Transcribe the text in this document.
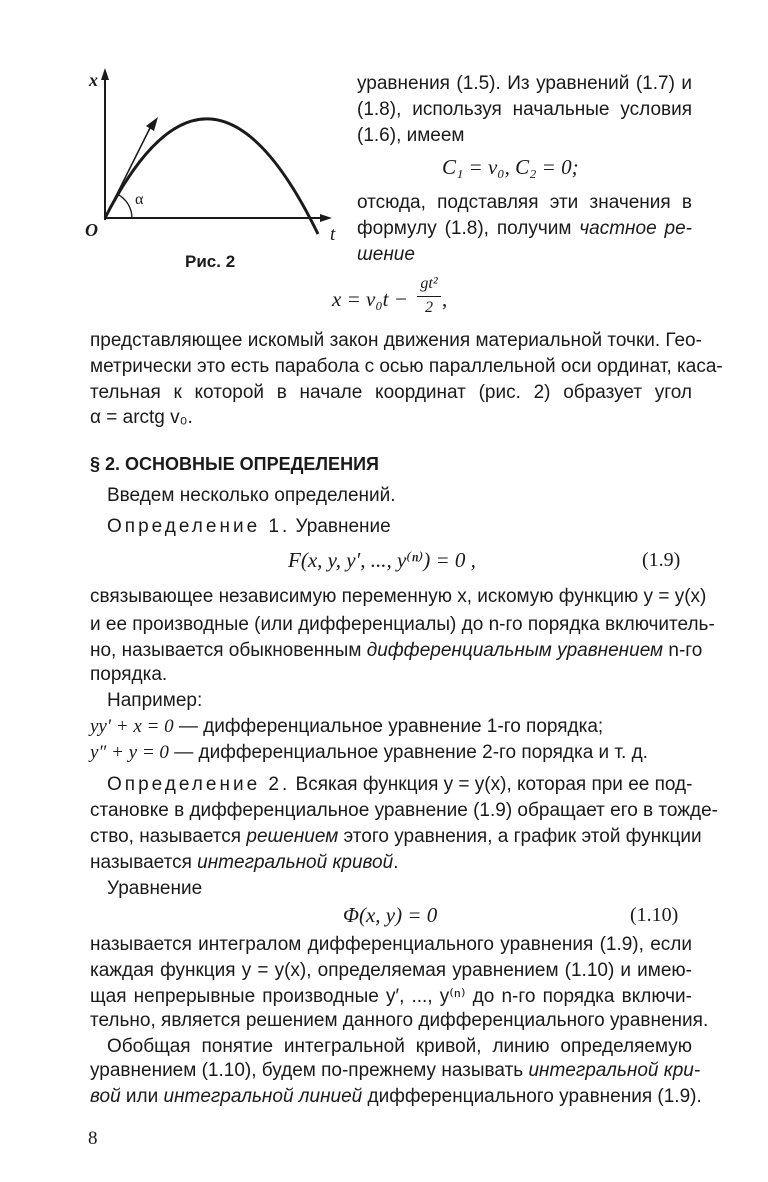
x
t
O
α
Рис. 2
уравнения (1.5). Из уравнений (1.7) и
(1.8), используя начальные условия
(1.6), имеем
C₁ = v₀, C₂ = 0;
отсюда, подставляя эти значения в
формулу (1.8), получим частное ре-
шение
x = v₀t −
gt²
2 ,
представляющее искомый закон движения материальной точки. Гео-
метрически это есть парабола с осью параллельной оси ординат, каса-
тельная к которой в начале координат (рис. 2) образует угол
α = arctg v₀.
§ 2. ОСНОВНЫЕ ОПРЕДЕЛЕНИЯ
Введем несколько определений.
Определение 1. Уравнение
F(x, y, y′, ..., y⁽ⁿ⁾) = 0 ,	(1.9)
связывающее независимую переменную x, искомую функцию y = y(x)
и ее производные (или дифференциалы) до n-го порядка включитель-
но, называется обыкновенным дифференциальным уравнением n-го
порядка.
Например:
yy′ + x = 0 — дифференциальное уравнение 1-го порядка;
y″ + y = 0 — дифференциальное уравнение 2-го порядка и т. д.
Определение 2. Всякая функция y = y(x), которая при ее под-
становке в дифференциальное уравнение (1.9) обращает его в тожде-
ство, называется решением этого уравнения, а график этой функции
называется интегральной кривой.
Уравнение
Φ(x, y) = 0	(1.10)
называется интегралом дифференциального уравнения (1.9), если
каждая функция y = y(x), определяемая уравнением (1.10) и имею-
щая непрерывные производные y′, ..., y⁽ⁿ⁾ до n-го порядка включи-
тельно, является решением данного дифференциального уравнения.
Обобщая понятие интегральной кривой, линию определяемую
уравнением (1.10), будем по-прежнему называть интегральной кри-
вой или интегральной линией дифференциального уравнения (1.9).
8
